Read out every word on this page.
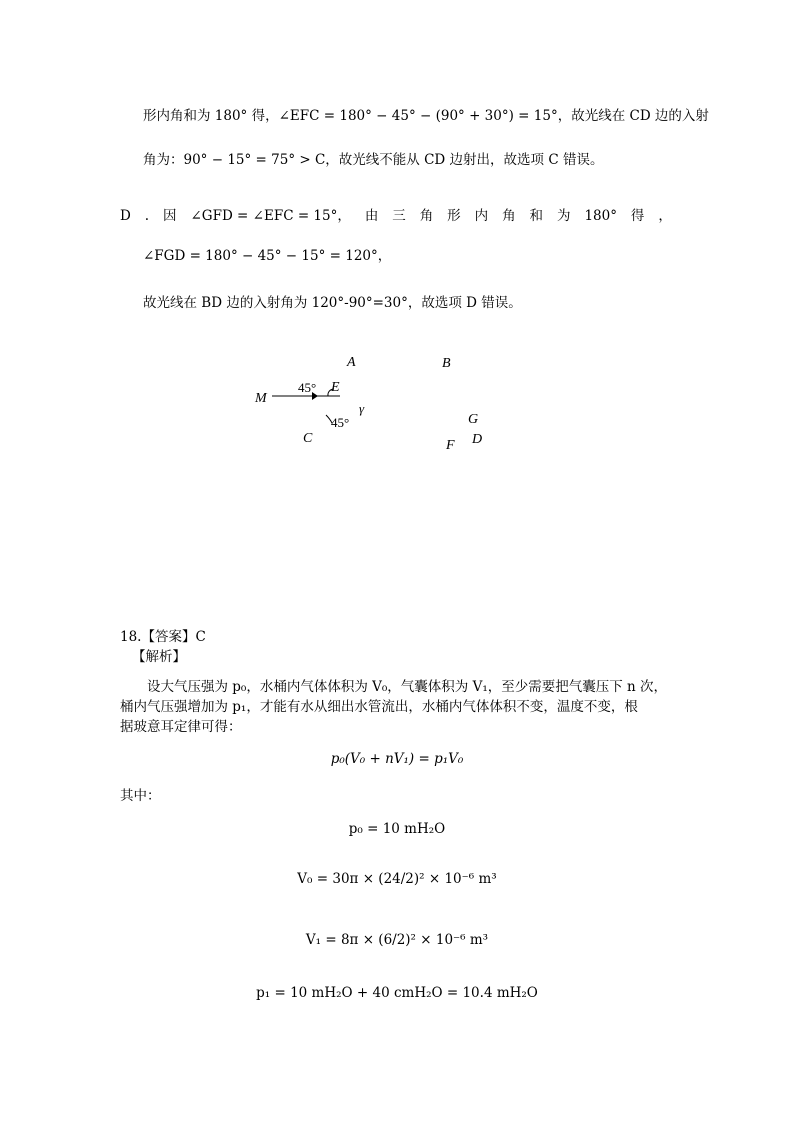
形内角和为 180° 得，∠EFC = 180° − 45° − (90° + 30°) = 15°，故光线在 CD 边的入射
角为：90° − 15° = 75° > C，故光线不能从 CD 边射出，故选项 C 错误。
D . 因 ∠GFD = ∠EFC = 15°， 由 三 角 形 内 角 和 为 180° 得 ，
∠FGD = 180° − 45° − 15° = 120°，
故光线在 BD 边的入射角为 120°-90°=30°，故选项 D 错误。
A	B
M
45° E
γ
45°
C
G
D
F
18.【答案】C
【解析】
设大气压强为 p₀，水桶内气体体积为 V₀，气囊体积为 V₁，至少需要把气囊压下 n 次，
桶内气压强增加为 p₁，才能有水从细出水管流出，水桶内气体体积不变，温度不变，根
据玻意耳定律可得：
p₀(V₀ + nV₁) = p₁V₀
其中：
p₀ = 10 mH₂O
V₀ = 30π × (24/2)² × 10⁻⁶ m³
V₁ = 8π × (6/2)² × 10⁻⁶ m³
p₁ = 10 mH₂O + 40 cmH₂O = 10.4 mH₂O
